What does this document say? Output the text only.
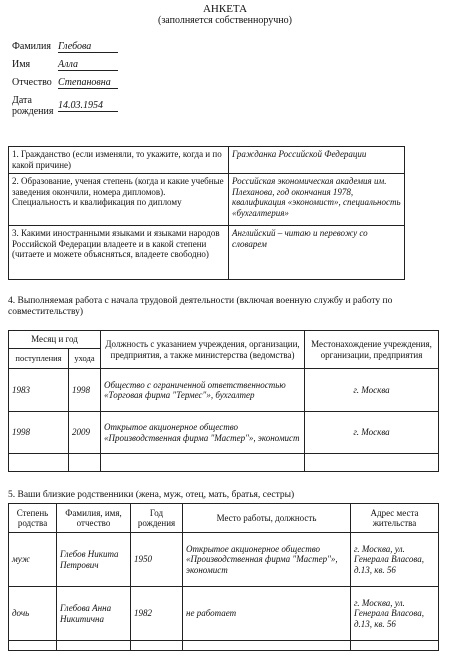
АНКЕТА
(заполняется собственноручно)
Фамилия Глебова
Имя	Алла
Отчество Степановна
Дата
рождения
14.03.1954
1. Гражданство (если изменяли, то укажите, когда и по какой причине)	Гражданка Российской Федерации
2. Образование, ученая степень (когда и какие учебные заведения окончили, номера дипломов). Специальность и квалификация по диплому	Российская экономическая академия им. Плеханова, год окончания 1978, квалификация «экономист», специальность «бухгалтерия»
3. Какими иностранными языками и языками народов Российской Федерации владеете и в какой степени (читаете и можете объясняться, владеете свободно)	Английский – читаю и перевожу со словарем
4. Выполняемая работа с начала трудовой деятельности (включая военную службу и работу по совместительству)
Месяц и год		Должность с указанием учреждения, организации, предприятия, а также министерства (ведомства)	Местонахождение учреждения, организации, предприятия
поступления	ухода		
1983	1998	Общество с ограниченной ответственностью «Торговая фирма "Термес"», бухгалтер	г. Москва
1998	2009	Открытое акционерное общество «Производственная фирма "Мастер"», экономист	г. Москва

5. Ваши близкие родственники (жена, муж, отец, мать, братья, сестры)
Степень родства	Фамилия, имя, отчество	Год рождения	Место работы, должность	Адрес места жительства
муж	Глебов Никита Петрович	1950	Открытое акционерное общество «Производственная фирма "Мастер"», экономист	г. Москва, ул. Генерала Власова, д.13, кв. 56
дочь	Глебова Анна Никитична	1982	не работает	г. Москва, ул. Генерала Власова, д.13, кв. 56
